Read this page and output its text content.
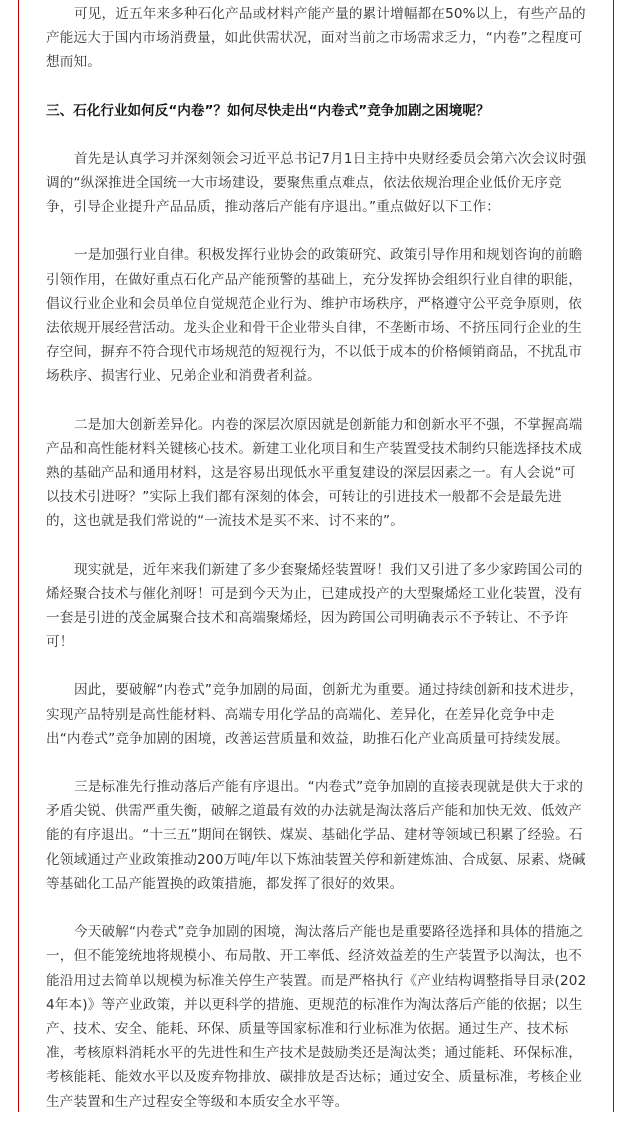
可见，近五年来多种石化产品或材料产能产量的累计增幅都在50%以上，有些产品的产能远大于国内市场消费量，如此供需状况，面对当前之市场需求乏力，“内卷”之程度可想而知。

三、石化行业如何反“内卷”？如何尽快走出“内卷式”竞争加剧之困境呢？

首先是认真学习并深刻领会习近平总书记7月1日主持中央财经委员会第六次会议时强调的“纵深推进全国统一大市场建设，要聚焦重点难点，依法依规治理企业低价无序竞争，引导企业提升产品品质，推动落后产能有序退出。”重点做好以下工作：

一是加强行业自律。积极发挥行业协会的政策研究、政策引导作用和规划咨询的前瞻引领作用，在做好重点石化产品产能预警的基础上，充分发挥协会组织行业自律的职能，倡议行业企业和会员单位自觉规范企业行为、维护市场秩序，严格遵守公平竞争原则，依法依规开展经营活动。龙头企业和骨干企业带头自律，不垄断市场、不挤压同行企业的生存空间，摒弃不符合现代市场规范的短视行为，不以低于成本的价格倾销商品，不扰乱市场秩序、损害行业、兄弟企业和消费者利益。

二是加大创新差异化。内卷的深层次原因就是创新能力和创新水平不强，不掌握高端产品和高性能材料关键核心技术。新建工业化项目和生产装置受技术制约只能选择技术成熟的基础产品和通用材料，这是容易出现低水平重复建设的深层因素之一。有人会说“可以技术引进呀？”实际上我们都有深刻的体会，可转让的引进技术一般都不会是最先进的，这也就是我们常说的“一流技术是买不来、讨不来的”。

现实就是，近年来我们新建了多少套聚烯烃装置呀！我们又引进了多少家跨国公司的烯烃聚合技术与催化剂呀！可是到今天为止，已建成投产的大型聚烯烃工业化装置，没有一套是引进的茂金属聚合技术和高端聚烯烃，因为跨国公司明确表示不予转让、不予许可！

因此，要破解“内卷式”竞争加剧的局面，创新尤为重要。通过持续创新和技术进步，实现产品特别是高性能材料、高端专用化学品的高端化、差异化，在差异化竞争中走出“内卷式”竞争加剧的困境，改善运营质量和效益，助推石化产业高质量可持续发展。

三是标准先行推动落后产能有序退出。“内卷式”竞争加剧的直接表现就是供大于求的矛盾尖锐、供需严重失衡，破解之道最有效的办法就是淘汰落后产能和加快无效、低效产能的有序退出。“十三五”期间在钢铁、煤炭、基础化学品、建材等领域已积累了经验。石化领域通过产业政策推动200万吨/年以下炼油装置关停和新建炼油、合成氨、尿素、烧碱等基础化工品产能置换的政策措施，都发挥了很好的效果。

今天破解“内卷式”竞争加剧的困境，淘汰落后产能也是重要路径选择和具体的措施之一，但不能笼统地将规模小、布局散、开工率低、经济效益差的生产装置予以淘汰，也不能沿用过去简单以规模为标准关停生产装置。而是严格执行《产业结构调整指导目录(2024年本)》等产业政策，并以更科学的措施、更规范的标准作为淘汰落后产能的依据；以生产、技术、安全、能耗、环保、质量等国家标准和行业标准为依据。通过生产、技术标准，考核原料消耗水平的先进性和生产技术是鼓励类还是淘汰类；通过能耗、环保标准，考核能耗、能效水平以及废弃物排放、碳排放是否达标；通过安全、质量标准，考核企业生产装置和生产过程安全等级和本质安全水平等。
